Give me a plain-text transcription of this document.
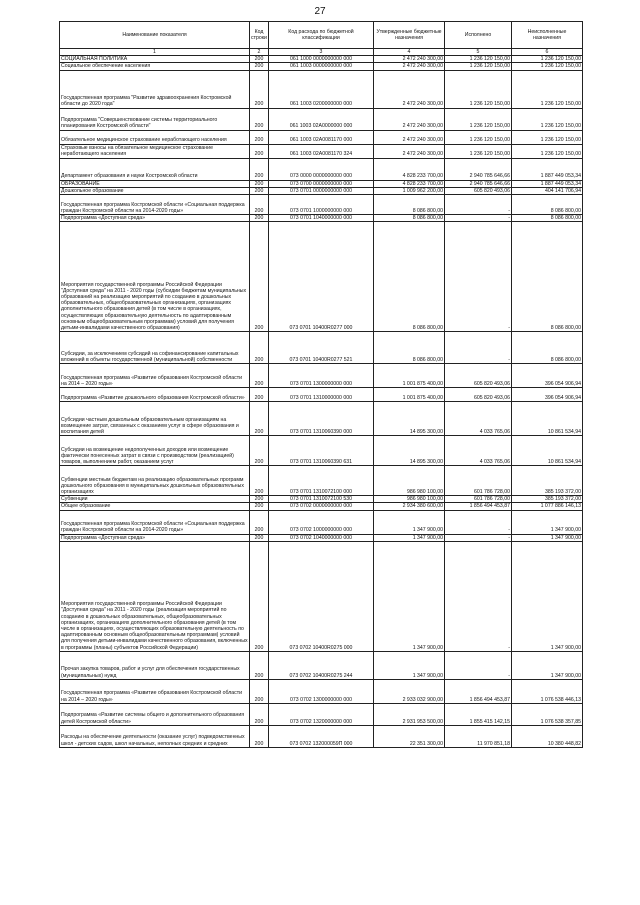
27
Наименование показателя	Код строки	Код расхода по бюджетной классификации	Утвержденные бюджетные назначения	Исполнено	Неисполненные назначения
1	2	3	4	5	6
СОЦИАЛЬНАЯ ПОЛИТИКА	200	061 1000 0000000000 000	2 472 240 300,00	1 236 120 150,00	1 236 120 150,00
Социальное обеспечение населения	200	061 1003 0000000000 000	2 472 240 300,00	1 236 120 150,00	1 236 120 150,00
Государственная программа "Развитие здравоохранения Костромской области до 2020 года"	200	061 1003 0200000000 000	2 472 240 300,00	1 236 120 150,00	1 236 120 150,00
Подпрограмма "Совершенствование системы территориального планирования Костромской области"	200	061 1003 02А0000000 000	2 472 240 300,00	1 236 120 150,00	1 236 120 150,00
Обязательное медицинское страхование неработающего населения	200	061 1003 02А0081170 000	2 472 240 300,00	1 236 120 150,00	1 236 120 150,00
Страховые взносы на обязательное медицинское страхование неработающего населения	200	061 1003 02А0081170 324	2 472 240 300,00	1 236 120 150,00	1 236 120 150,00
Департамент образования и науки Костромской области	200	073 0000 0000000000 000	4 828 233 700,00	2 940 785 646,66	1 887 449 053,34
ОБРАЗОВАНИЕ	200	073 0700 0000000000 000	4 828 233 700,00	2 940 785 646,66	1 887 449 053,34
Дошкольное образование	200	073 0701 0000000000 000	1 009 962 200,00	605 820 493,06	404 141 706,94
Государственная программа Костромской области «Социальная поддержка граждан Костромской области на 2014-2020 годы»	200	073 0701 1000000000 000	8 086 800,00	-	8 086 800,00
Подпрограмма «Доступная среда»	200	073 0701 1040000000 000	8 086 800,00	-	8 086 800,00
Мероприятия государственной программы Российской Федерации "Доступная среда" на 2011 - 2020 годы (субсидии бюджетам муниципальных образований на реализацию мероприятий по созданию в дошкольных образовательных, общеобразовательных организациях, организациях дополнительного образования детей (в том числе в организациях, осуществляющих образовательную деятельность по адаптированным основным общеобразовательным программам) условий для получения детьми-инвалидами качественного образования)	200	073 0701 10400R0277 000	8 086 800,00	-	8 086 800,00
Субсидии, за исключением субсидий на софинансирование капитальных вложений в объекты государственной (муниципальной) собственности	200	073 0701 10400R0277 521	8 086 800,00	-	8 086 800,00
Государственная программа «Развитие образования Костромской области на 2014 – 2020 годы»	200	073 0701 1300000000 000	1 001 875 400,00	605 820 493,06	396 054 906,94
Подпрограмма «Развитие дошкольного образования Костромской области»	200	073 0701 1310000000 000	1 001 875 400,00	605 820 493,06	396 054 906,94
Субсидии частным дошкольным образовательным организациям на возмещение затрат, связанных с оказанием услуг в сфере образования и воспитания детей	200	073 0701 1310060390 000	14 895 300,00	4 033 765,06	10 861 534,94
Субсидии на возмещение недополученных доходов или возмещение фактически понесенных затрат в связи с производством (реализацией) товаров, выполнением работ, оказанием услуг	200	073 0701 1310060390 631	14 895 300,00	4 033 765,06	10 861 534,94
Субвенции местным бюджетам на реализацию образовательных программ дошкольного образования в муниципальных дошкольных образовательных организациях	200	073 0701 1310072100 000	986 980 100,00	601 786 728,00	385 193 372,00
Субвенции	200	073 0701 1310072100 530	986 980 100,00	601 786 728,00	385 193 372,00
Общее образование	200	073 0702 0000000000 000	2 934 380 600,00	1 856 494 453,87	1 077 886 146,13
Государственная программа Костромской области «Социальная поддержка граждан Костромской области на 2014-2020 годы»	200	073 0702 1000000000 000	1 347 900,00	-	1 347 900,00
Подпрограмма «Доступная среда»	200	073 0702 1040000000 000	1 347 900,00	-	1 347 900,00
Мероприятия государственной программы Российской Федерации "Доступная среда" на 2011 - 2020 годы (реализация мероприятий по созданию в дошкольных образовательных, общеобразовательных организациях, организациях дополнительного образования детей (в том числе в организациях, осуществляющих образовательную деятельность по адаптированным основным общеобразовательным программам) условий для получения детьми-инвалидами качественного образования, включенных в программы (планы) субъектов Российской Федерации)	200	073 0702 10400R0275 000	1 347 900,00	-	1 347 900,00
Прочая закупка товаров, работ и услуг для обеспечения государственных (муниципальных) нужд	200	073 0702 10400R0275 244	1 347 900,00	-	1 347 900,00
Государственная программа «Развитие образования Костромской области на 2014 – 2020 годы»	200	073 0702 1300000000 000	2 933 032 900,00	1 856 494 453,87	1 076 538 446,13
Подпрограмма «Развитие системы общего и дополнительного образования детей Костромской области»	200	073 0702 1320000000 000	2 931 953 500,00	1 855 415 142,15	1 076 538 357,85
Расходы на обеспечение деятельности (оказание услуг) подведомственных школ - детских садов, школ начальных, неполных средних и средних	200	073 0702 132000059П 000	22 351 300,00	11 970 851,18	10 380 448,82
